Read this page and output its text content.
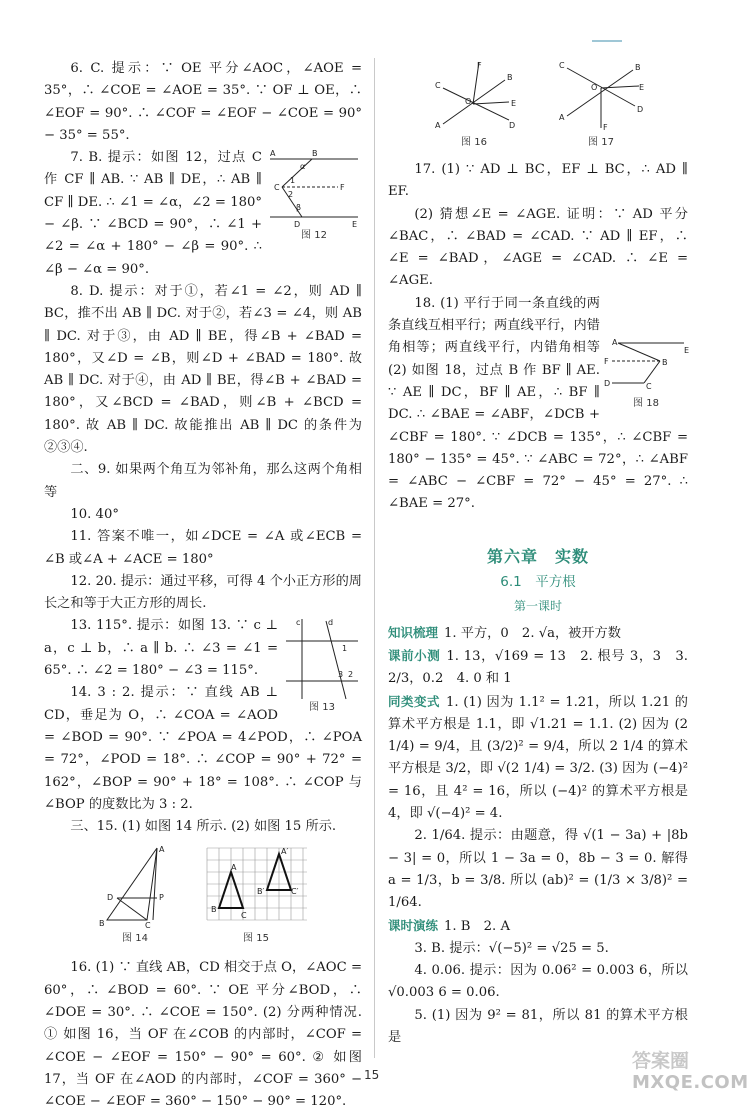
6. C. 提示：∵ OE 平分∠AOC，∠AOE = 35°，∴ ∠COE = ∠AOE = 35°. ∵ OF ⊥ OE，∴ ∠EOF = 90°. ∴ ∠COF = ∠EOF − ∠COE = 90° − 35° = 55°.

A	B
C	F
D	E
α
1
2
β
图 12

7. B. 提示：如图 12，过点 C 作 CF ∥ AB. ∵ AB ∥ DE，∴ AB ∥ CF ∥ DE. ∴ ∠1 = ∠α，∠2 = 180° − ∠β. ∵ ∠BCD = 90°，∴ ∠1 + ∠2 = ∠α + 180° − ∠β = 90°. ∴ ∠β − ∠α = 90°.

8. D. 提示：对于①，若∠1 = ∠2，则 AD ∥ BC，推不出 AB ∥ DC. 对于②，若∠3 = ∠4，则 AB ∥ DC. 对于③，由 AD ∥ BE，得∠B + ∠BAD = 180°，又∠D = ∠B，则∠D + ∠BAD = 180°. 故 AB ∥ DC. 对于④，由 AD ∥ BE，得∠B + ∠BAD = 180°，又∠BCD = ∠BAD，则∠B + ∠BCD = 180°. 故 AB ∥ DC. 故能推出 AB ∥ DC 的条件为②③④.

二、9. 如果两个角互为邻补角，那么这两个角相等

10. 40°

11. 答案不唯一，如∠DCE = ∠A 或∠ECB = ∠B 或∠A + ∠ACE = 180°

12. 20. 提示：通过平移，可得 4 个小正方形的周长之和等于大正方形的周长.

c	d
1
2
3
图 13

13. 115°. 提示：如图 13. ∵ c ⊥ a，c ⊥ b，∴ a ∥ b. ∴ ∠3 = ∠1 = 65°. ∴ ∠2 = 180° − ∠3 = 115°.

14. 3 : 2. 提示：∵ 直线 AB ⊥ CD，垂足为 O，∴ ∠COA = ∠AOD = ∠BOD = 90°. ∵ ∠POA = 4∠POD，∴ ∠POA = 72°，∠POD = 18°. ∴ ∠COP = 90° + 72° = 162°，∠BOP = 90° + 18° = 108°. ∴ ∠COP 与∠BOP 的度数比为 3 : 2.

三、15. (1) 如图 14 所示. (2) 如图 15 所示.

A
P
D
B	C
图 14
A
B
C
A′
B′	C′
图 15

16. (1) ∵ 直线 AB，CD 相交于点 O，∠AOC = 60°，∴ ∠BOD = 60°. ∵ OE 平分∠BOD，∴ ∠DOE = 30°. ∴ ∠COE = 150°. (2) 分两种情况. ① 如图 16，当 OF 在∠COB 的内部时，∠COF = ∠COE − ∠EOF = 150° − 90° = 60°. ② 如图 17，当 OF 在∠AOD 的内部时，∠COF = 360° − ∠COE − ∠EOF = 360° − 150° − 90° = 120°.

F
C
B
O	E
A	D
图 16
C	B
O	E
A
D
F
图 17

17. (1) ∵ AD ⊥ BC，EF ⊥ BC，∴ AD ∥ EF.

(2) 猜想∠E = ∠AGE. 证明：∵ AD 平分∠BAC，∴ ∠BAD = ∠CAD. ∵ AD ∥ EF，∴ ∠E = ∠BAD，∠AGE = ∠CAD. ∴ ∠E = ∠AGE.

A
E
F	B
D	C
图 18

18. (1) 平行于同一条直线的两条直线互相平行；两直线平行，内错角相等；两直线平行，内错角相等 (2) 如图 18，过点 B 作 BF ∥ AE. ∵ AE ∥ DC，BF ∥ AE，∴ BF ∥ DC. ∴ ∠BAE = ∠ABF，∠DCB + ∠CBF = 180°. ∵ ∠DCB = 135°，∴ ∠CBF = 180° − 135° = 45°. ∵ ∠ABC = 72°，∴ ∠ABF = ∠ABC − ∠CBF = 72° − 45° = 27°. ∴ ∠BAE = 27°.

第六章　实数
6.1　平方根
第一课时

知识梳理 1. 平方，0　2. √a，被开方数

课前小测 1. 13，√169 = 13　2. 根号 3，3　3. 2/3，0.2　4. 0 和 1

同类变式 1. (1) 因为 1.1² = 1.21，所以 1.21 的算术平方根是 1.1，即 √1.21 = 1.1. (2) 因为 (2 1/4) = 9/4，且 (3/2)² = 9/4，所以 2 1/4 的算术平方根是 3/2，即 √(2 1/4) = 3/2. (3) 因为 (−4)² = 16，且 4² = 16，所以 (−4)² 的算术平方根是 4，即 √(−4)² = 4.

2. 1/64. 提示：由题意，得 √(1 − 3a) + |8b − 3| = 0，所以 1 − 3a = 0，8b − 3 = 0. 解得 a = 1/3，b = 3/8. 所以 (ab)² = (1/3 × 3/8)² = 1/64.

课时演练 1. B　2. A

3. B. 提示：√(−5)² = √25 = 5.

4. 0.06. 提示：因为 0.06² = 0.003 6，所以 √0.003 6 = 0.06.

5. (1) 因为 9² = 81，所以 81 的算术平方根是

15
答案圈
MXQE.COM
